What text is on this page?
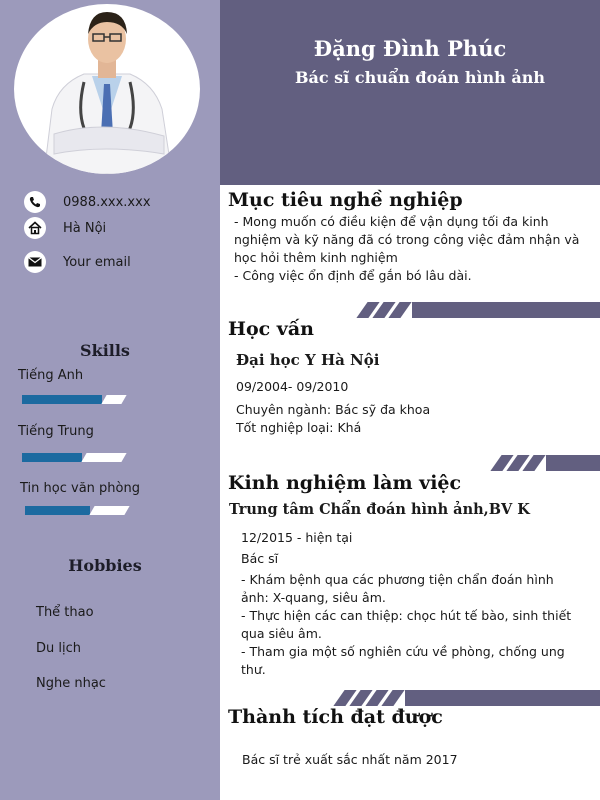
Đặng Đình Phúc
Bác sĩ chuẩn đoán hình ảnh
0988.xxx.xxx
Hà Nội
Your email
Skills
Tiếng Anh
Tiếng Trung
Tin học văn phòng
Hobbies
Thể thao
Du lịch
Nghe nhạc
Mục tiêu nghề nghiệp
- Mong muốn có điều kiện để vận dụng tối đa kinh
nghiệm và kỹ năng đã có trong công việc đảm nhận và
học hỏi thêm kinh nghiệm
- Công việc ổn định để gắn bó lâu dài.
Học vấn
Đại học Y Hà Nội
09/2004- 09/2010
Chuyên ngành: Bác sỹ đa khoa
Tốt nghiệp loại: Khá
Kinh nghiệm làm việc
Trung tâm Chẩn đoán hình ảnh,BV K
12/2015 - hiện tại
Bác sĩ
- Khám bệnh qua các phương tiện chẩn đoán hình
ảnh: X-quang, siêu âm.
- Thực hiện các can thiệp: chọc hút tế bào, sinh thiết
qua siêu âm.
- Tham gia một số nghiên cứu về phòng, chống ung
thư.
Thành tích đạt được
Bác sĩ trẻ xuất sắc nhất năm 2017
